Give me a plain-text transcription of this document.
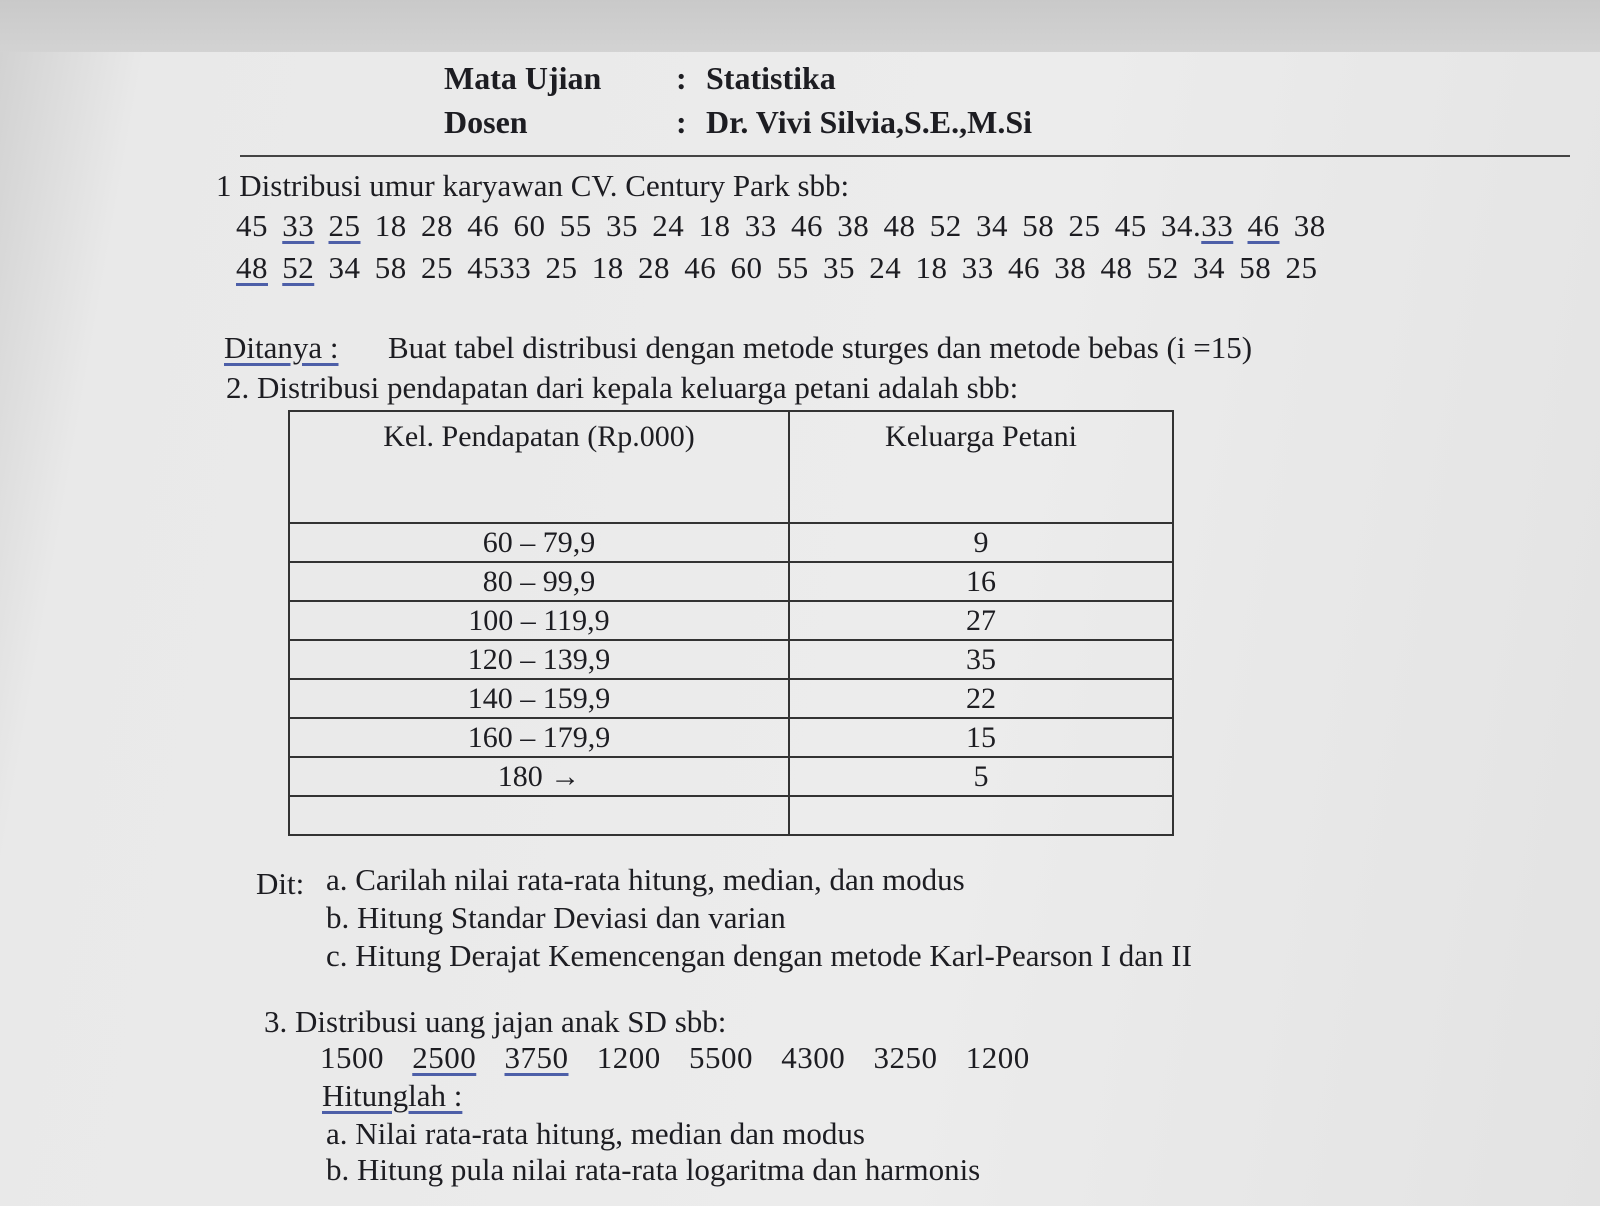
Mata Ujian : Statistika
Dosen	: Dr. Vivi Silvia,S.E.,M.Si
1 Distribusi umur karyawan CV. Century Park sbb:
45 33 25 18 28 46 60 55 35 24 18 33 46 38 48 52 34 58 25 45 34.33 46 38
48 52 34 58 25 4533 25 18 28 46 60 55 35 24 18 33 46 38 48 52 34 58 25
Ditanya : Buat tabel distribusi dengan metode sturges dan metode bebas (i =15)
2. Distribusi pendapatan dari kepala keluarga petani adalah sbb:
Kel. Pendapatan (Rp.000)	Keluarga Petani
60 – 79,9	9
80 – 99,9	16
100 – 119,9	27
120 – 139,9	35
140 – 159,9	22
160 – 179,9	15
180 →	5

Dit: a. Carilah nilai rata-rata hitung, median, dan modus
b. Hitung Standar Deviasi dan varian
c. Hitung Derajat Kemencengan dengan metode Karl-Pearson I dan II
3. Distribusi uang jajan anak SD sbb:
1500 2500 3750 1200 5500 4300 3250 1200
Hitunglah :
a. Nilai rata-rata hitung, median dan modus
b. Hitung pula nilai rata-rata logaritma dan harmonis
